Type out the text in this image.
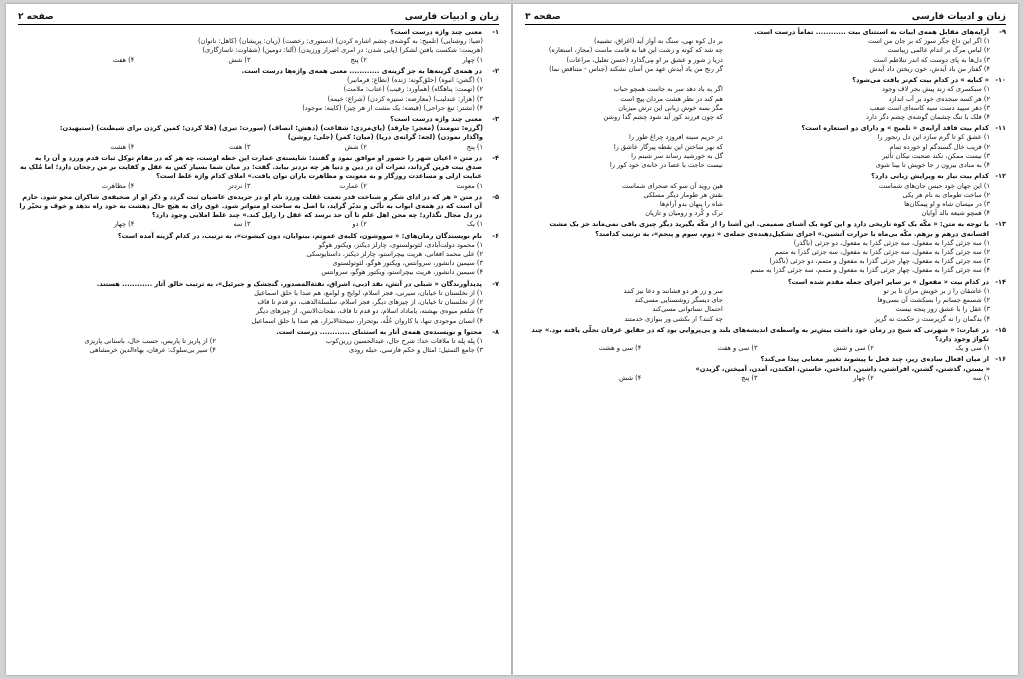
زبان و ادبیات فارسی
صفحه ۲
۱-
معنی چند واژه درست است؟
(ضیا: روشنایی) (تلمیح: به گوشه‌ی چشم اشاره کردن) (دستوری: رخصت) (زیان: پریشان) (کاهل: ناتوان)
(هزیمت: شکست یافتن لشکر) (پایی شدن: در امری اصرار ورزیدن) (آلتا: دومین) (شقاوت: ناسازگاری)
۱) چهار
۲) پنج
۳) شش
۴) هفت
۲-
در همه‌ی گزینه‌ها به جز گزینه‌ی ............ معنی همه‌ی واژه‌ها درست است.
۱) (گشن: انبوه) (خلق‌گونه: ژنده) (نطاع: فرمانبر)
۲) (تهمت: پناهگاه) (همآورد: رقیب) (عتاب: ملامت)
۳) (هزار: عندلیب) (معارضه: ستیزه کردن) (شراع: خیمه)
۴) (تشتر: تیغ جراحی) (قیضه: یک مشت از هر چیز) (کاینه: موجود)
۳-
معنی چند واژه درست است؟
(گرزه: تنومند) (معجر: چارقد) (پای‌مردی: شفاعت) (دهش: انصاف) (سورت: تیزی) (فلا کردن: کمین کردن برای شیطنت) (ستیهیدن:
واگذار نمودن) (لجه: گرانه‌ی دریا) (میان: کمر) (جلی: روشن)
۱) پنج
۲) شش
۳) هفت
۴) هشت
۴-
در متن « اعیان شهر را حضور او موافق نمود و گفتند: شایسته‌ی عمارت این خطه اوست، چه هر که در مقام توکل ثبات قدم ورزد و آن را به صدق نیت قرین گرداند، ثمرات آن در دین و دنیا هر چه نزدتر بیابد. گفت: در میان شما بسیار کس به عقل و کفایت بر من رجحان دارد؛ اما مُلک به عنایت ازلی و مساعدت روزگار و به معونت و مظاهرت یاران توان یافت.» املای کدام واژه غلط است؟
۱) معونت
۲) عمارت
۳) نزدتر
۴) مظاهرت
۵-
در متن « هر که در ادای شکر و شناخت قدر نعمت غفلت ورزد نام او در جریده‌ی عاصیان ثبت گردد و ذکر او از صحیفه‌ی شاکران محو شود. حازم آن است که در همه‌ی ابواب به تأنّی و تدبّر گراید، تا اصل به ساحت او متواتر شود. غوی رای به هیچ حال دهشت به خود راه ندهد و خوف و تحیّر را در دل مجال نگذارد؛ چه محن اهل علم تا آن حد نرسد که عقل را زایل کند.» چند غلط املایی وجود دارد؟
۱) یک
۲) دو
۳) سه
۴) چهار
۶-
نام نویسندگان رمان‌های: « سووشون، کلبه‌ی عموتم، بینوایان، دون کیشوت»، به ترتیب، در کدام گزینه آمده است؟
۱) محمود دولت‌آبادی، لئوتولستوی، چارلز دیکنز، ویکتور هوگو
۲) علی محمد افغانی، هریت بیچراستو، چارلز دیکنز، داستایوسکی
۳) سیمین دانشور، سروانتس، ویکتور هوگو، لئوتولستوی
۴) سیمین دانشور، هریت بیچراستو، ویکتور هوگو، سروانتس
۷-
پدیدآورندگان « شبلی در آتش، نقد ادبی، اشراق، نفثة‌المصدور، گنجشک و جبرئیل»، به ترتیب خالق آثار ............ هستند.
۱) از نخلستان تا خیابان، سیرنی، فجر اسلام، لوایح و لوامع، هم صدا با حلق اسماعیل
۲) از نخلستان تا خیابان، از چیزهای دیگر، فجر اسلام، سلسلة‌الذهب، دو قدم تا قاف
۳) شلغم میوه‌ی بهشته، باماداد اسلام، دو قدم تا قاف، نفحات‌الانس، از چیزهای دیگر
۴) انسان موجودی تنها، با کاروان حُلّه، بوتحرار، سیحة‌الابرار، هم صدا با حلق اسماعیل
۸-
محتوا و نویسنده‌ی همه‌ی آثار به استثنای ............ درست است.
۱) پله پله تا ملاقات خدا: شرح حال، عبدالحسین زرین‌کوب
۲) از پاریز تا پاریس، حسب حال، باستانی پاریزی
۳) جامع التمثیل: امثال و حکم فارسی، حبله رودی
۴) سیر بی‌سلوک: عرفان، بهاءالدین خرمشاهی
زبان و ادبیات فارسی
صفحه ۳
۹-
آرایه‌های مقابل همه‌ی ابیات به استثنای بیت ............ تماماً درست است.
۱) اگر این داغ جگر سوز که بر جان من است
بر دل کوه نهی، سنگ به آواز آید (اغراق، تشبیه)
۲) لباس مرگ بر اندام عالمی زیباست
چه شد که کوته و زشت این قبا به قامت ماست (مجاز، استعاره)
۳) دل‌ها به پای دوست که اندر تنلاطم است
دریا ز شور و عشق بر او مِی‌گذارد (حسن تعلیل، مراعات)
۴) گفتار من باد آیدش، خون ریختن داد آیدش
گر رنج من یاد آیدش عهد من آسان نشکند (جناس - متناقض نما)
۱۰-
« کنایه » در کدام بیت کم‌تر یافت می‌شود؟
۱) سبکسری که زند پیش بحر لاف وجود
اگر به باد دهد سر به جاست همچو حباب
۲) هر کسه سجده‌ی خود بر آب اندازد
هم کند در نظر هشت مردان پیچ است
۳) دهر سپید دست سیه کاسه‌ای است صعب
مگر بسه خوش زبانی این ترش میزبان
۴) فلک با تنگ چشمان گوشه‌ی چشم دگر دارد
که چون فرزند کور آید شود چشم گدا روشن
۱۱-
کدام بیت فاقد آرایه‌ی « تلمیح » و دارای دو استعاره است؟
۱) عشق کو تا گرم سازد این دل رنجور را
در حریم سینه افروزد چراغ طور را
۲) قریب خال گسندگم او خورده تمام
که بهر ساختن این نقطه پیرگار عاشق را
۳) نیست ممکن، نکند صحبت نیکان تأثیر
گل به خورشید رساند سر شبنم را
۴) به منادی بیرون ز جا خویش تا بینا شوی
نیست حاجت با عصا در خانه‌ی خود کور را
۱۲-
کدام بیت نیاز به ویرایش زبانی دارد؟
۱) این جهان خود حبس جان‌های شماست
هین روید آن سو که صحرای شماست
۲) ساخت طومای به نام هر یکی
نقش هر طومار دیگر مسلکی
۳) در میسان شاه و او پیمکان‌ها
شاه را پنهان بدو آرام‌ها
۴) همچو شیعه بالد آوایان
ترک و کُرد و رومیان و تازیان
۱۳-
با توجه به متن: « مکّه یک کوه تاریخی دارد و این کوه یک آشنای صمیمی. این آشنا را از مکّه بگیرید دیگر چیزی باقی نمی‌ماند جز یک مشت افسانه‌ی درهم و برهم. مکّه بی‌ماه با حرارت آتشین.» اجزای تشکیل‌دهنده‌ی جمله‌ی « دوم، سوم و پنجم»، به ترتیب کدامند؟
۱) سه جزئی گذرا به مفعول، سه جزئی گذرا به مفعول، دو جزئی (ناگذر)
۲) سه جزئی گذرا به مفعول، سه جزئی گذرا به مفعول، سه جزئی گذرا به متمم
۳) سه جزئی گذرا به مفعول، چهار جزئی گذرا به مفعول و متمم، دو جزئی (ناگذر)
۴) سه جزئی گذرا به مفعول، چهار جزئی گذرا به مفعول و متمم، سه جزئی گذرا به متمم
۱۴-
در کدام بیت « مفعول » بر سایر اجزای جمله مقدم شده است؟
۱) عاشقان را ز بر خویش مران تا بر تو
سر و زر هر دو فشانند و دعا نیز کنند
۲) شسمع جسانم را بسکشت آن بسی‌وفا
جای دیسگر روشسنایی مسی‌کند
۳) عقل را با عشق زور پنجه نیست
احتمال نساتوانی مسی‌کند
۴) بدگمان را نه گزیرست ز حکمت نه گریز
چه کنند؟ ار بکشی ور بنوازی خدمتند
۱۵-
در عبارت: « شهرتی که شیخ در زمان خود داشت بیش‌تر به واسطه‌ی اندیشه‌های بلند و بی‌پروایی بود که در حقایق عرفان تجلّی یافته بود.» چند تکواژ وجود دارد؟
۱) سی و یک
۲) سی و شش
۳) سی و هفت
۴) سی و هشت
۱۶-
از میان افعال ساده‌ی زیر، چند فعل با پیشوند تغییر معنایی پیدا می‌کند؟
« بستن، گذشتن، گشتن، افراشتن، داشتن، انداختن، خاستن، افکندن، آمدن، آمیختن، گزیدن»
۱) سه
۲) چهار
۳) پنج
۴) شش
